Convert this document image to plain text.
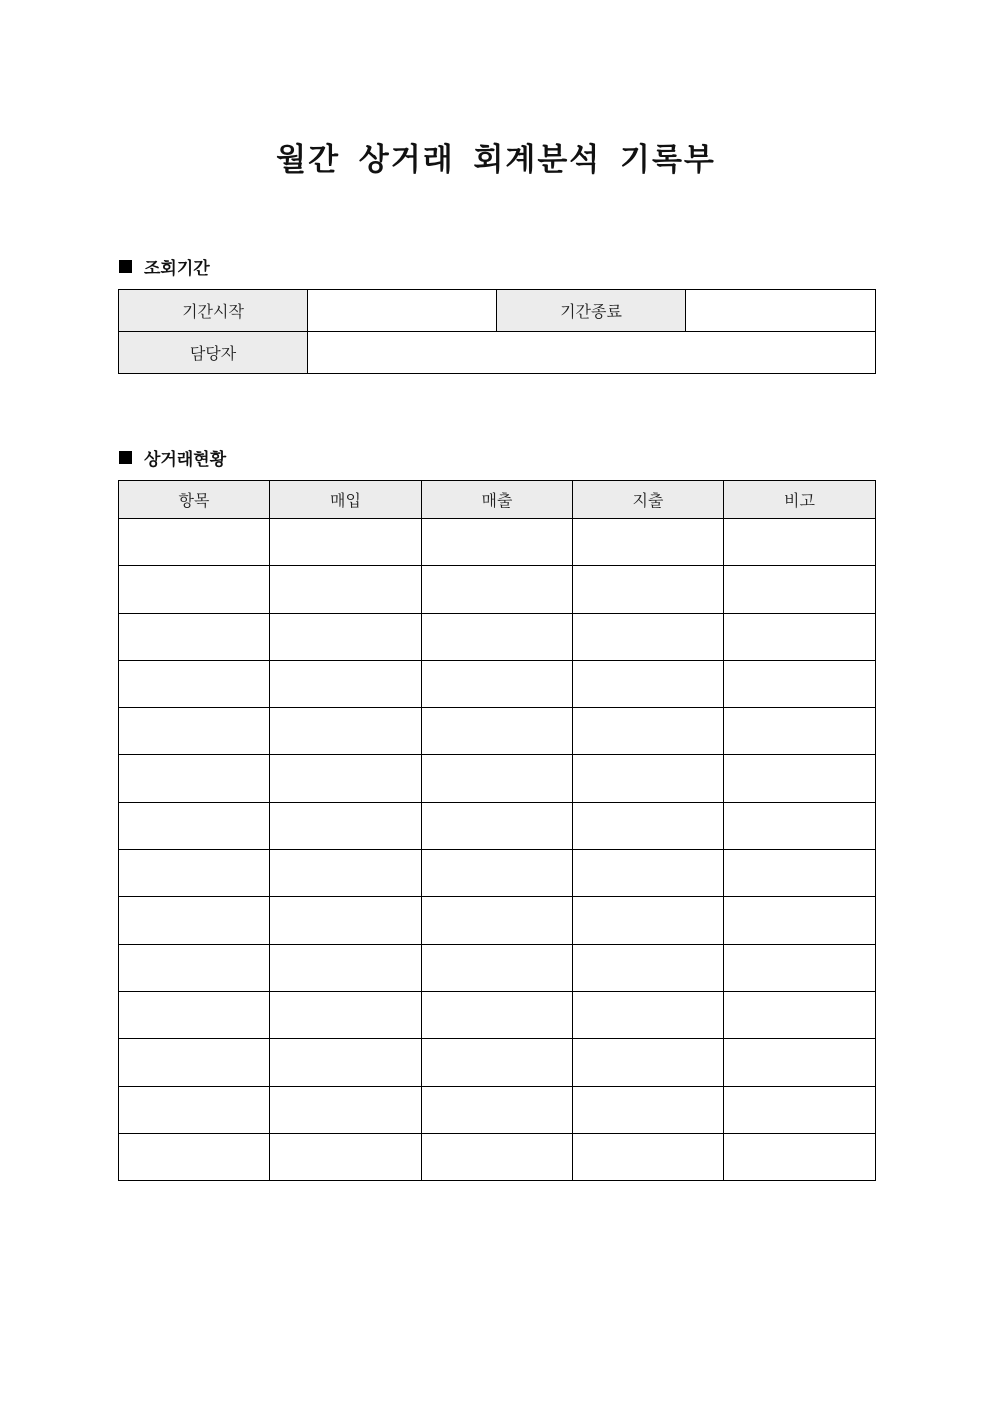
월간 상거래 회계분석 기록부
조회기간
기간시작		기간종료	
담당자			
상거래현황
항목	매입	매출	지출	비고
